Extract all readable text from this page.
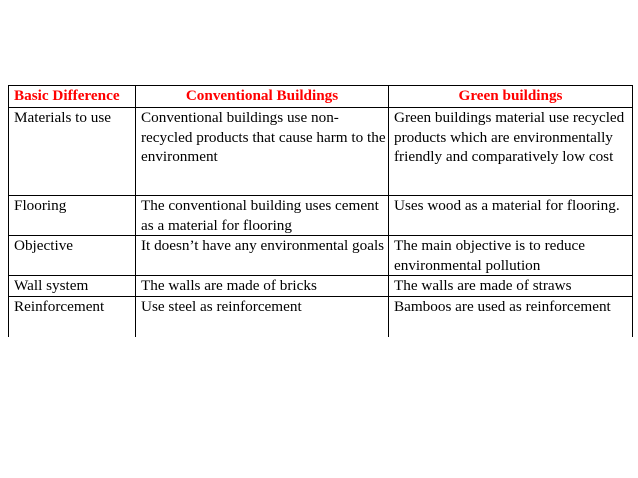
Basic Difference	Conventional Buildings	Green buildings

Materials to use	Conventional buildings use non-recycled products that cause harm to the environment	Green buildings material use recycled products which are environmentally friendly and comparatively low cost

Flooring	The conventional building uses cement as a material for flooring	Uses wood as a material for flooring.

Objective	It doesn’t have any environmental goals	The main objective is to reduce environmental pollution

Wall system	The walls are made of bricks	The walls are made of straws

Reinforcement	Use steel as reinforcement	Bamboos are used as reinforcement
